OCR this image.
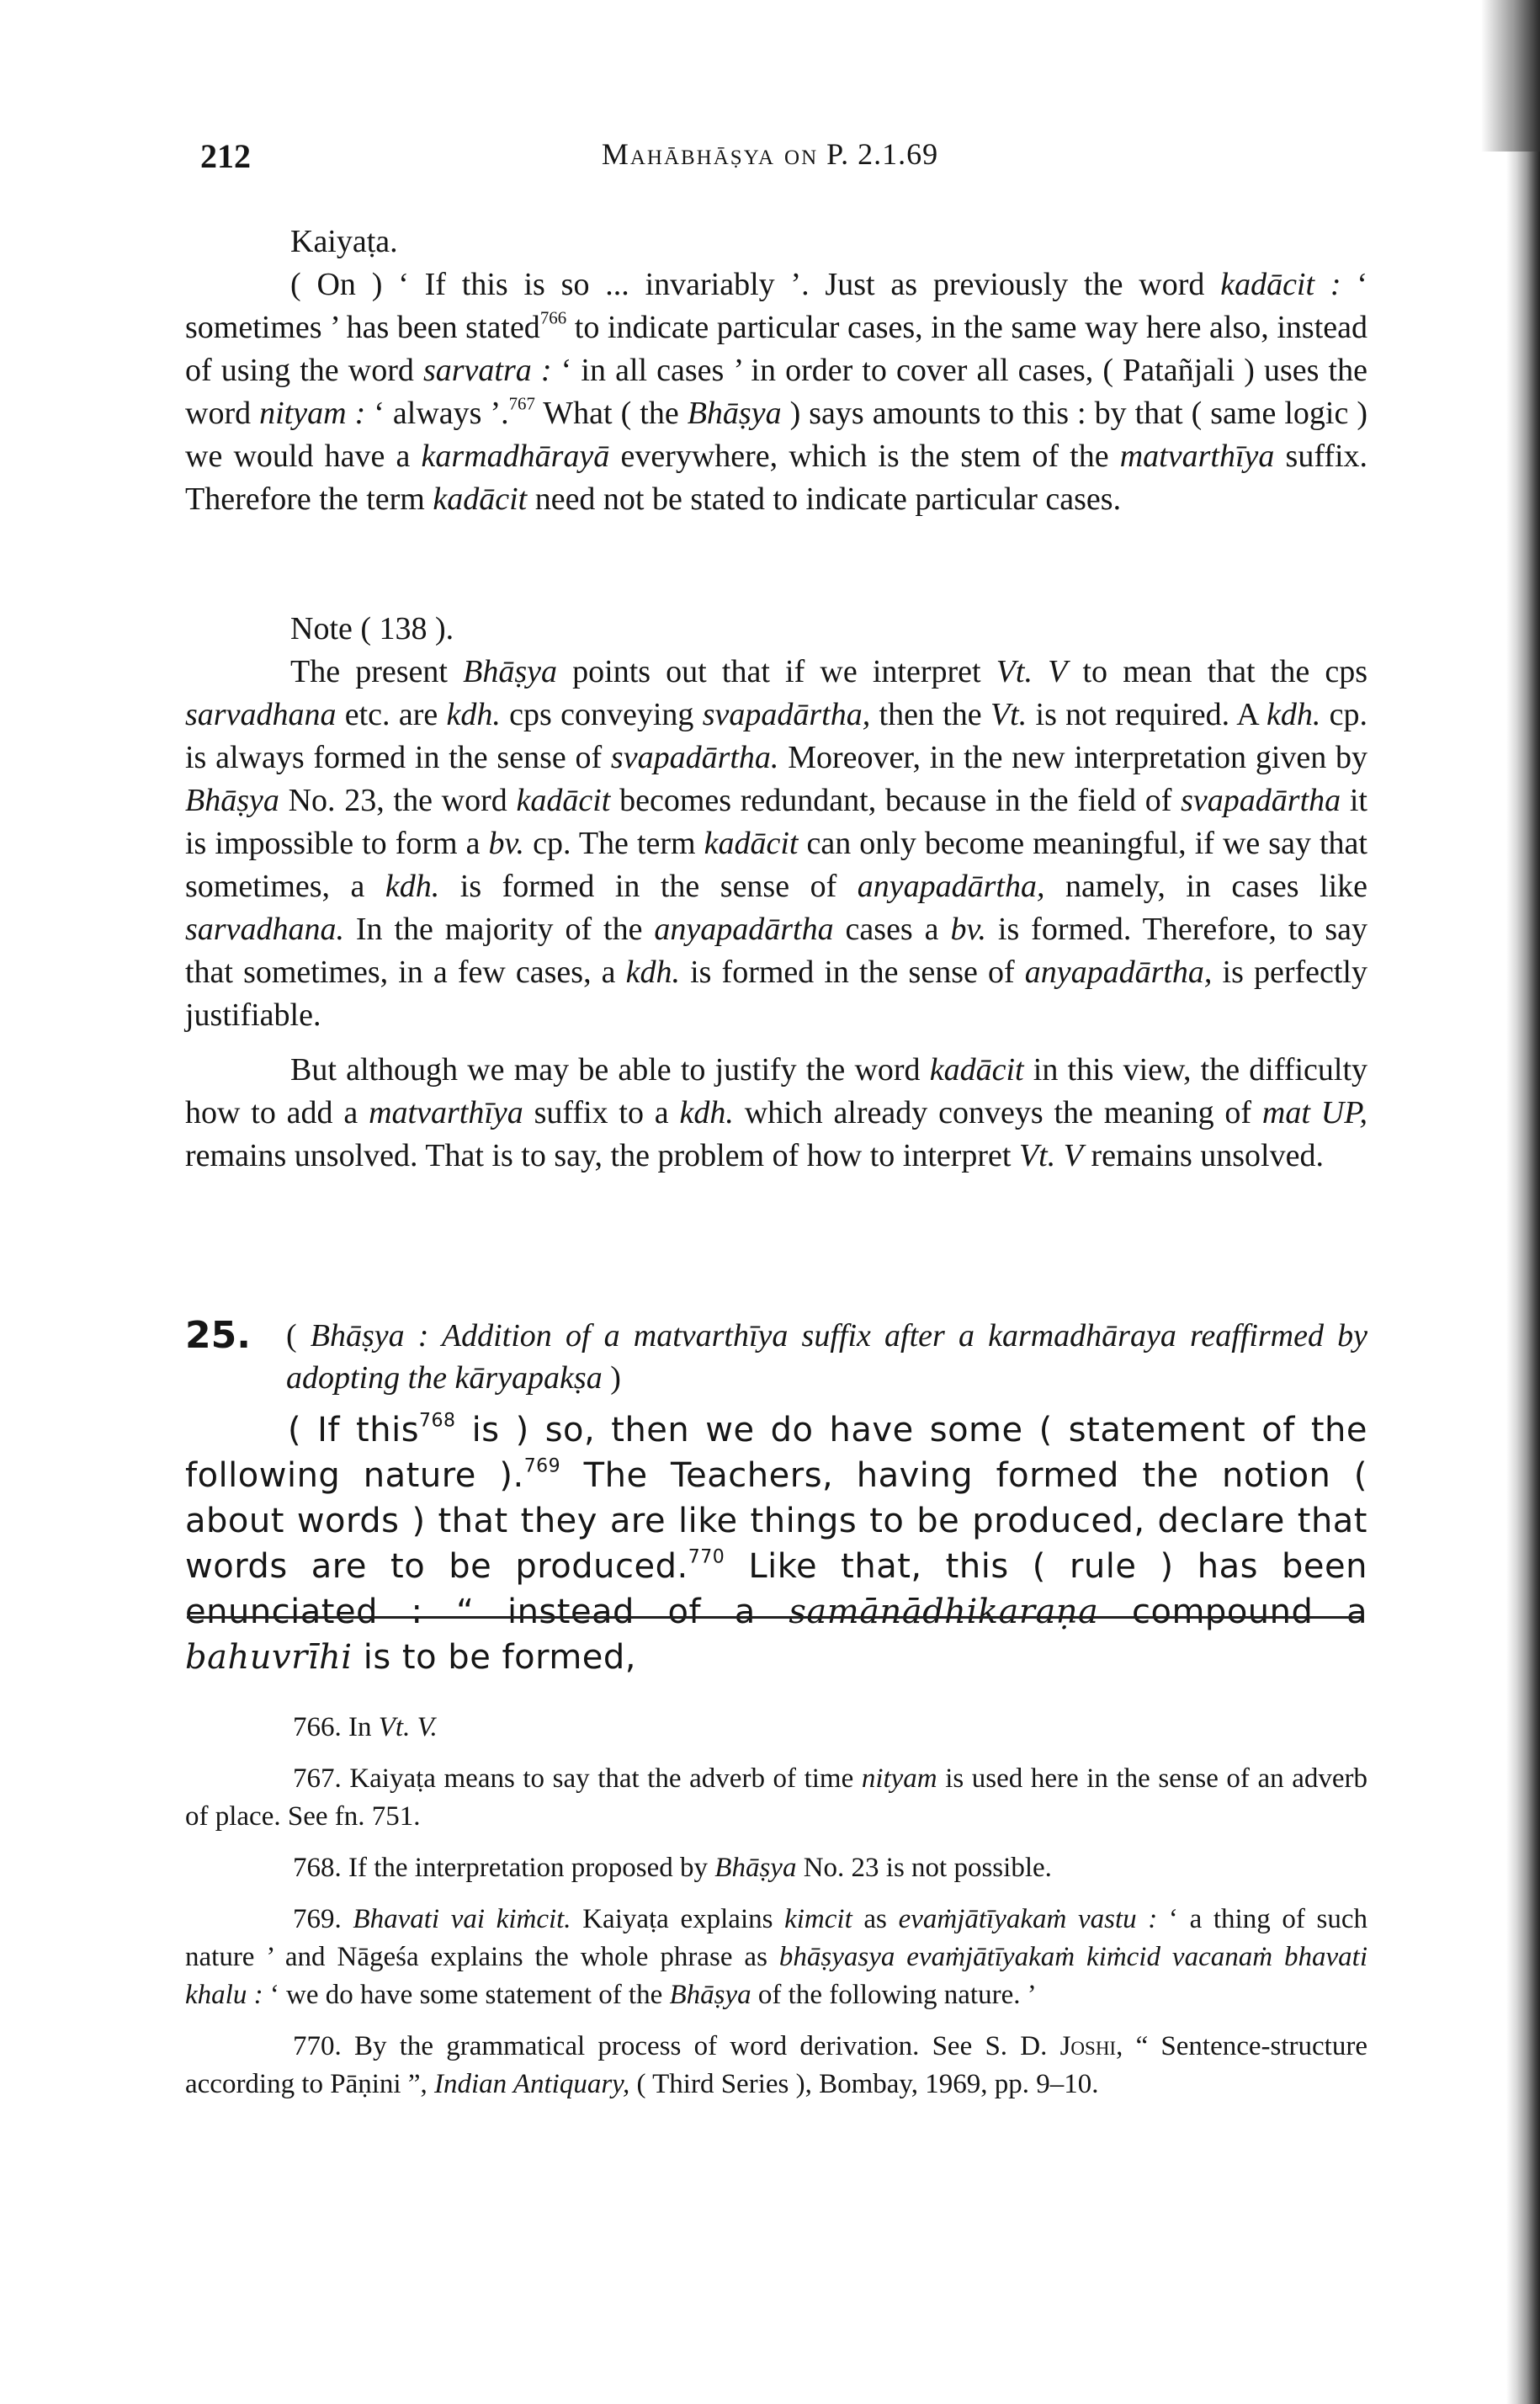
212	Mahābhāṣya on P. 2.1.69
Kaiyaṭa.

( On ) ‘ If this is so ... invariably ’. Just as previously the word kadācit : ‘ sometimes ’ has been stated$^{766}$ to indicate particular cases, in the same way here also, instead of using the word sarvatra : ‘ in all cases ’ in order to cover all cases, ( Patañjali ) uses the word nityam : ‘ always ’.$^{767}$ What ( the Bhāṣya ) says amounts to this : by that ( same logic ) we would have a karmadhārayā everywhere, which is the stem of the matvarthīya suffix. Therefore the term kadācit need not be stated to indicate particular cases.

Note ( 138 ).

The present Bhāṣya points out that if we interpret Vt. V to mean that the cps sarvadhana etc. are kdh. cps conveying svapadārtha, then the Vt. is not required. A kdh. cp. is always formed in the sense of svapadārtha. Moreover, in the new interpretation given by Bhāṣya No. 23, the word kadācit becomes redundant, because in the field of svapadārtha it is impossible to form a bv. cp. The term kadācit can only become meaningful, if we say that sometimes, a kdh. is formed in the sense of anyapadārtha, namely, in cases like sarvadhana. In the majority of the anyapadārtha cases a bv. is formed. Therefore, to say that sometimes, in a few cases, a kdh. is formed in the sense of anyapadārtha, is perfectly justifiable.

But although we may be able to justify the word kadācit in this view, the difficulty how to add a matvarthīya suffix to a kdh. which already conveys the meaning of mat UP, remains unsolved. That is to say, the problem of how to interpret Vt. V remains unsolved.

25. ( Bhāṣya : Addition of a matvarthīya suffix after a karmadhāraya reaffirmed by adopting the kāryapakṣa )

( If this$^{768}$ is ) so, then we do have some ( statement of the following nature ).$^{769}$ The Teachers, having formed the notion ( about words ) that they are like things to be produced, declare that words are to be produced.$^{770}$ Like that, this ( rule ) has been enunciated : “ instead of a samānādhikaraṇa compound a bahuvrīhi is to be formed,

766. In Vt. V.

767. Kaiyaṭa means to say that the adverb of time nityam is used here in the sense of an adverb of place. See fn. 751.

768. If the interpretation proposed by Bhāṣya No. 23 is not possible.

769. Bhavati vai kiṁcit. Kaiyaṭa explains kimcit as evaṁjātīyakaṁ vastu : ‘ a thing of such nature ’ and Nāgeśa explains the whole phrase as bhāṣyasya evaṁjātīyakaṁ kiṁcid vacanaṁ bhavati khalu : ‘ we do have some statement of the Bhāṣya of the following nature. ’

770. By the grammatical process of word derivation. See S. D. Joshi, “ Sentence-structure according to Pāṇini ”, Indian Antiquary, ( Third Series ), Bombay, 1969, pp. 9–10.
